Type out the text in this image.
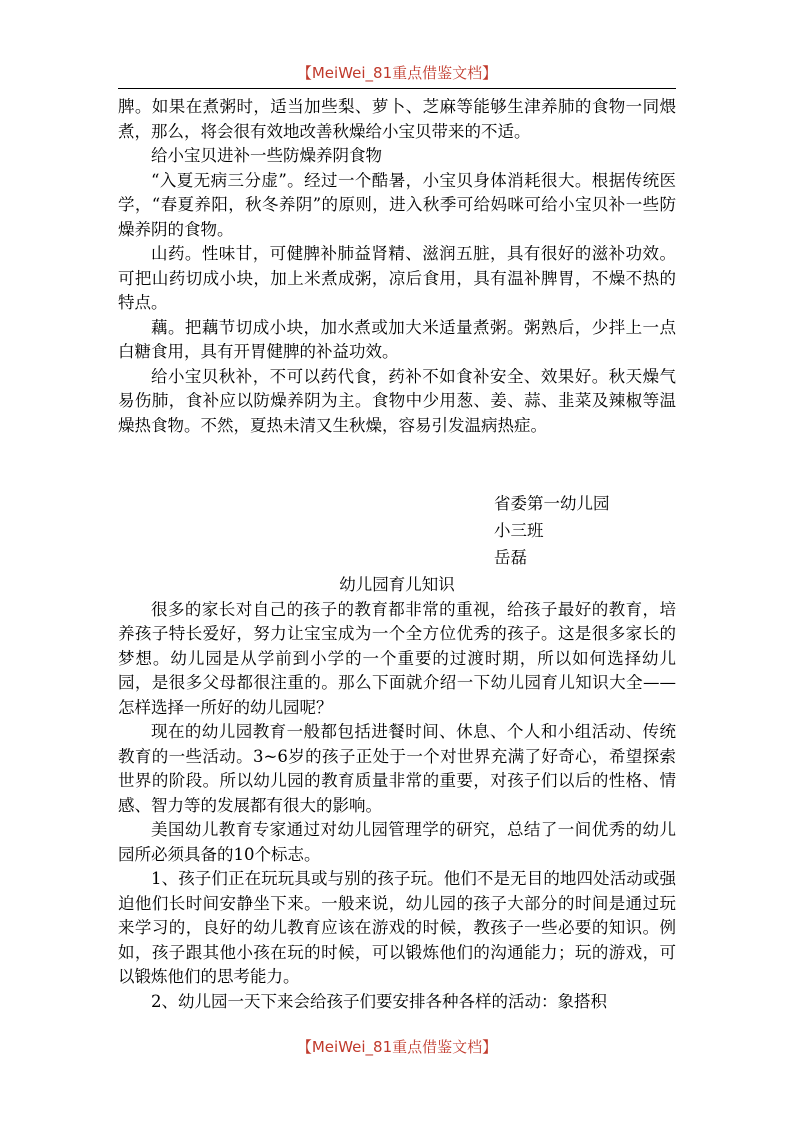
【MeiWei_81重点借鉴文档】

脾。如果在煮粥时，适当加些梨、萝卜、芝麻等能够生津养肺的食物一同煨煮，那么，将会很有效地改善秋燥给小宝贝带来的不适。

给小宝贝进补一些防燥养阴食物

“入夏无病三分虚”。经过一个酷暑，小宝贝身体消耗很大。根据传统医学，“春夏养阳，秋冬养阴”的原则，进入秋季可给妈咪可给小宝贝补一些防燥养阴的食物。

山药。性味甘，可健脾补肺益肾精、滋润五脏，具有很好的滋补功效。可把山药切成小块，加上米煮成粥，凉后食用，具有温补脾胃，不燥不热的特点。

藕。把藕节切成小块，加水煮或加大米适量煮粥。粥熟后，少拌上一点白糖食用，具有开胃健脾的补益功效。

给小宝贝秋补，不可以药代食，药补不如食补安全、效果好。秋天燥气易伤肺，食补应以防燥养阴为主。食物中少用葱、姜、蒜、韭菜及辣椒等温燥热食物。不然，夏热未清又生秋燥，容易引发温病热症。

省委第一幼儿园
小三班
岳磊

幼儿园育儿知识

很多的家长对自己的孩子的教育都非常的重视，给孩子最好的教育，培养孩子特长爱好，努力让宝宝成为一个全方位优秀的孩子。这是很多家长的梦想。幼儿园是从学前到小学的一个重要的过渡时期，所以如何选择幼儿园，是很多父母都很注重的。那么下面就介绍一下幼儿园育儿知识大全——怎样选择一所好的幼儿园呢？

现在的幼儿园教育一般都包括进餐时间、休息、个人和小组活动、传统教育的一些活动。3~6岁的孩子正处于一个对世界充满了好奇心，希望探索世界的阶段。所以幼儿园的教育质量非常的重要，对孩子们以后的性格、情感、智力等的发展都有很大的影响。

美国幼儿教育专家通过对幼儿园管理学的研究，总结了一间优秀的幼儿园所必须具备的10个标志。

1、孩子们正在玩玩具或与别的孩子玩。他们不是无目的地四处活动或强迫他们长时间安静坐下来。一般来说，幼儿园的孩子大部分的时间是通过玩来学习的，良好的幼儿教育应该在游戏的时候，教孩子一些必要的知识。例如，孩子跟其他小孩在玩的时候，可以锻炼他们的沟通能力；玩的游戏，可以锻炼他们的思考能力。

2、幼儿园一天下来会给孩子们要安排各种各样的活动：象搭积

【MeiWei_81重点借鉴文档】
